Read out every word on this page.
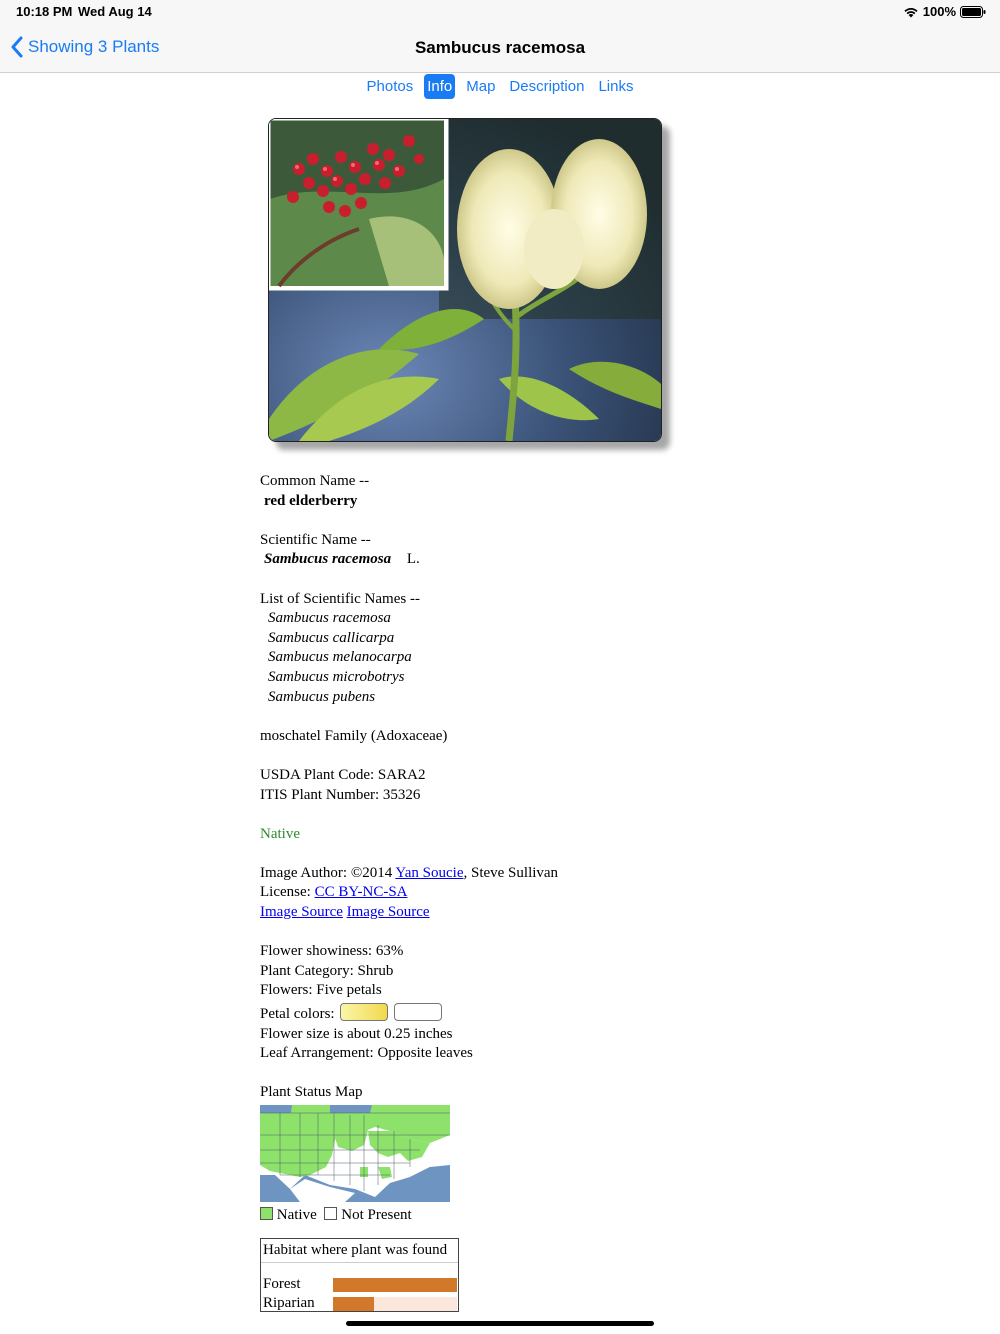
10:18 PM Wed Aug 14	100%
Showing 3 Plants	Sambucus racemosa
Photos Info Map Description Links
Common Name --
red elderberry
Scientific Name --
Sambucus racemosa L.
List of Scientific Names --
Sambucus racemosa
Sambucus callicarpa
Sambucus melanocarpa
Sambucus microbotrys
Sambucus pubens
moschatel Family (Adoxaceae)
USDA Plant Code: SARA2
ITIS Plant Number: 35326
Native
Image Author: ©2014 Yan Soucie, Steve Sullivan
License: CC BY-NC-SA
Image Source Image Source
Flower showiness: 63%
Plant Category: Shrub
Flowers: Five petals
Petal colors:
Flower size is about 0.25 inches
Leaf Arrangement: Opposite leaves
Plant Status Map
Native Not Present
Habitat where plant was found
Forest
Riparian
